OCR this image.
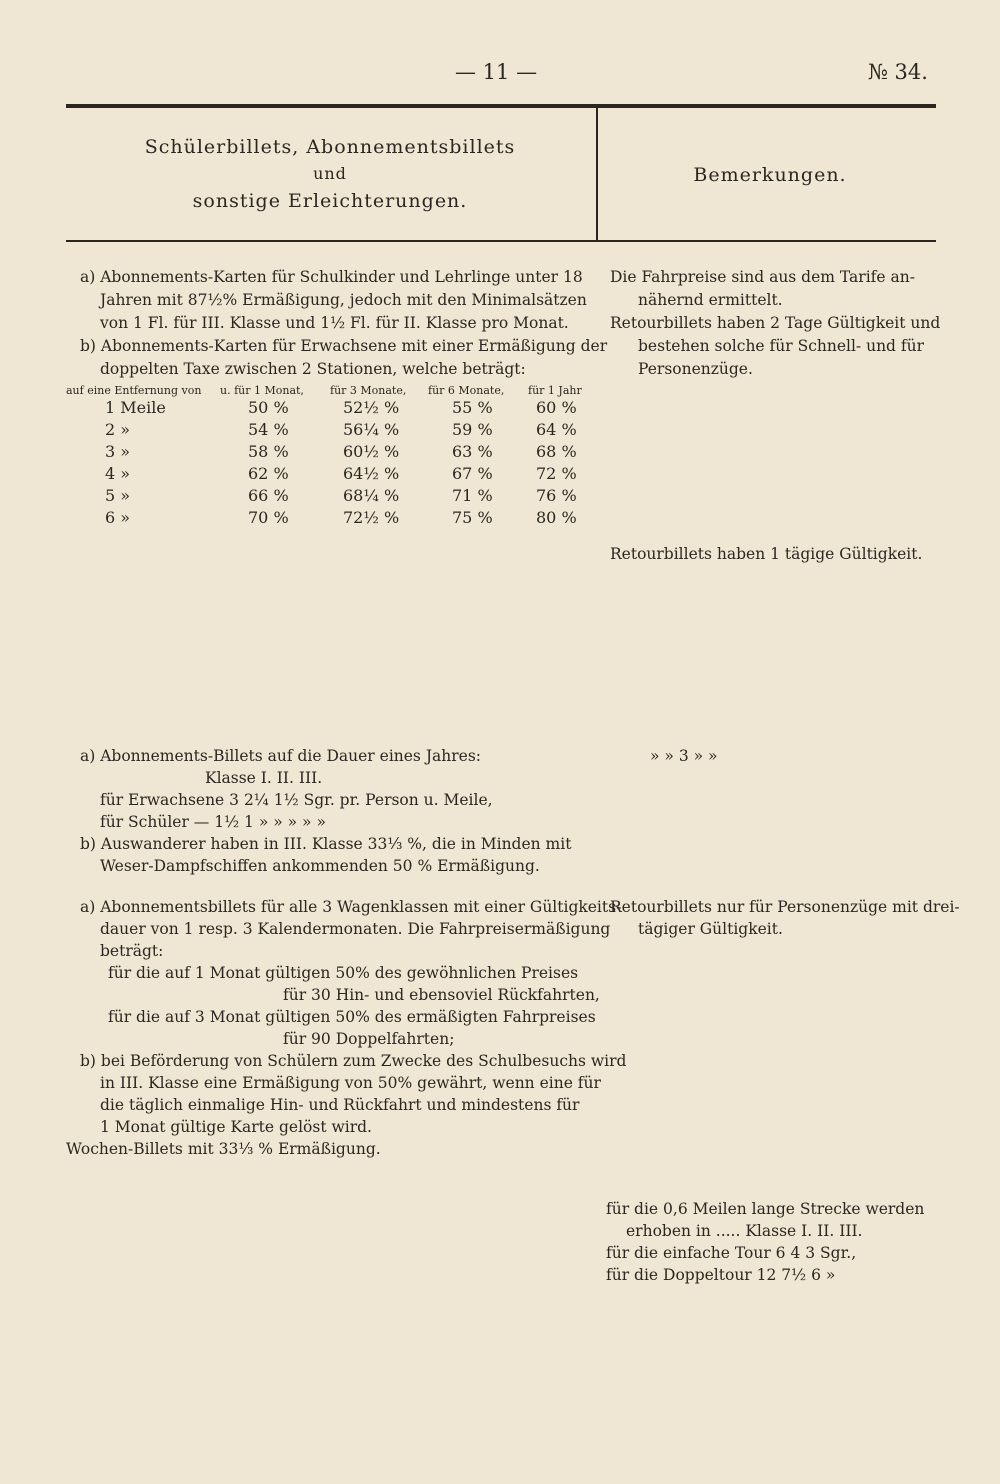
— 11 —	№ 34.
Schülerbillets, Abonnementsbillets
und
sonstige Erleichterungen.
Bemerkungen.
a) Abonnements-Karten für Schulkinder und Lehrlinge unter 18
Jahren mit 87½% Ermäßigung, jedoch mit den Minimalsätzen
von 1 Fl. für III. Klasse und 1½ Fl. für II. Klasse pro Monat.
b) Abonnements-Karten für Erwachsene mit einer Ermäßigung der
doppelten Taxe zwischen 2 Stationen, welche beträgt:
auf eine Entfernung von u. für 1 Monat, für 3 Monate, für 6 Monate, für 1 Jahr
1 Meile	50 %	52½ %	55 %	60 %
2 »	54 %	56¼ %	59 %	64 %
3 »	58 %	60½ %	63 %	68 %
4 »	62 %	64½ %	67 %	72 %
5 »	66 %	68¼ %	71 %	76 %
6 »	70 %	72½ %	75 %	80 %
Die Fahrpreise sind aus dem Tarife an-
nähernd ermittelt.
Retourbillets haben 2 Tage Gültigkeit und
bestehen solche für Schnell- und für
Personenzüge.
Retourbillets haben 1 tägige Gültigkeit.
a) Abonnements-Billets auf die Dauer eines Jahres:
Klasse I. II. III.
für Erwachsene 3 2¼ 1½ Sgr. pr. Person u. Meile,
für Schüler — 1½ 1 » » » » »
b) Auswanderer haben in III. Klasse 33⅓ %, die in Minden mit
Weser-Dampfschiffen ankommenden 50 % Ermäßigung.
» » 3 » »
a) Abonnementsbillets für alle 3 Wagenklassen mit einer Gültigkeits-
dauer von 1 resp. 3 Kalendermonaten. Die Fahrpreisermäßigung
beträgt:
für die auf 1 Monat gültigen 50% des gewöhnlichen Preises
für 30 Hin- und ebensoviel Rückfahrten,
für die auf 3 Monat gültigen 50% des ermäßigten Fahrpreises
für 90 Doppelfahrten;
b) bei Beförderung von Schülern zum Zwecke des Schulbesuchs wird
in III. Klasse eine Ermäßigung von 50% gewährt, wenn eine für
die täglich einmalige Hin- und Rückfahrt und mindestens für
1 Monat gültige Karte gelöst wird.
Retourbillets nur für Personenzüge mit drei-
tägiger Gültigkeit.
Wochen-Billets mit 33⅓ % Ermäßigung.
für die 0,6 Meilen lange Strecke werden
erhoben in ..... Klasse I. II. III.
für die einfache Tour 6 4 3 Sgr.,
für die Doppeltour 12 7½ 6 »
